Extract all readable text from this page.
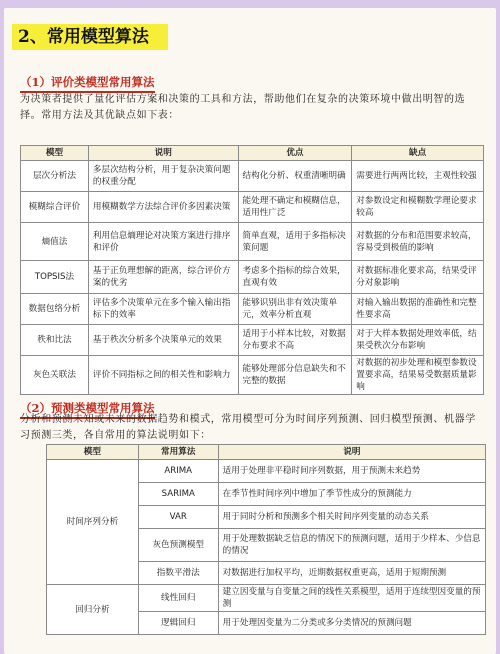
2、常用模型算法
（1）评价类模型常用算法
为决策者提供了量化评估方案和决策的工具和方法，帮助他们在复杂的决策环境中做出明智的选择。常用方法及其优缺点如下表：
模型	说明	优点	缺点
层次分析法	多层次结构分析，用于复杂决策问题的权重分配	结构化分析、权重清晰明确	需要进行两两比较，主观性较强
模糊综合评价	用模糊数学方法综合评价多因素决策	能处理不确定和模糊信息，适用性广泛	对参数设定和模糊数学理论要求较高
熵值法	利用信息熵理论对决策方案进行排序和评价	简单直观，适用于多指标决策问题	对数据的分布和范围要求较高，容易受到极值的影响
TOPSIS法	基于正负理想解的距离，综合评价方案的优劣	考虑多个指标的综合效果，直观有效	对数据标准化要求高，结果受评分对象影响
数据包络分析	评估多个决策单元在多个输入输出指标下的效率	能够识别出非有效决策单元，效率分析直观	对输入输出数据的准确性和完整性要求高
秩和比法	基于秩次分析多个决策单元的效果	适用于小样本比较，对数据分布要求不高	对于大样本数据处理效率低，结果受秩次分布影响
灰色关联法	评价不同指标之间的相关性和影响力	能够处理部分信息缺失和不完整的数据	对数据的初步处理和模型参数设置要求高，结果易受数据质量影响
（2）预测类模型常用算法
分析和预测未知或未来的数据趋势和模式，常用模型可分为时间序列预测、回归模型预测、机器学习预测三类，各自常用的算法说明如下：
模型	常用算法	说明
时间序列分析	ARIMA	适用于处理非平稳时间序列数据，用于预测未来趋势
	SARIMA	在季节性时间序列中增加了季节性成分的预测能力
	VAR	用于同时分析和预测多个相关时间序列变量的动态关系
	灰色预测模型	用于处理数据缺乏信息的情况下的预测问题，适用于少样本、少信息的情况
	指数平滑法	对数据进行加权平均，近期数据权重更高，适用于短期预测
回归分析	线性回归	建立因变量与自变量之间的线性关系模型，适用于连续型因变量的预测
	逻辑回归	用于处理因变量为二分类或多分类情况的预测问题
